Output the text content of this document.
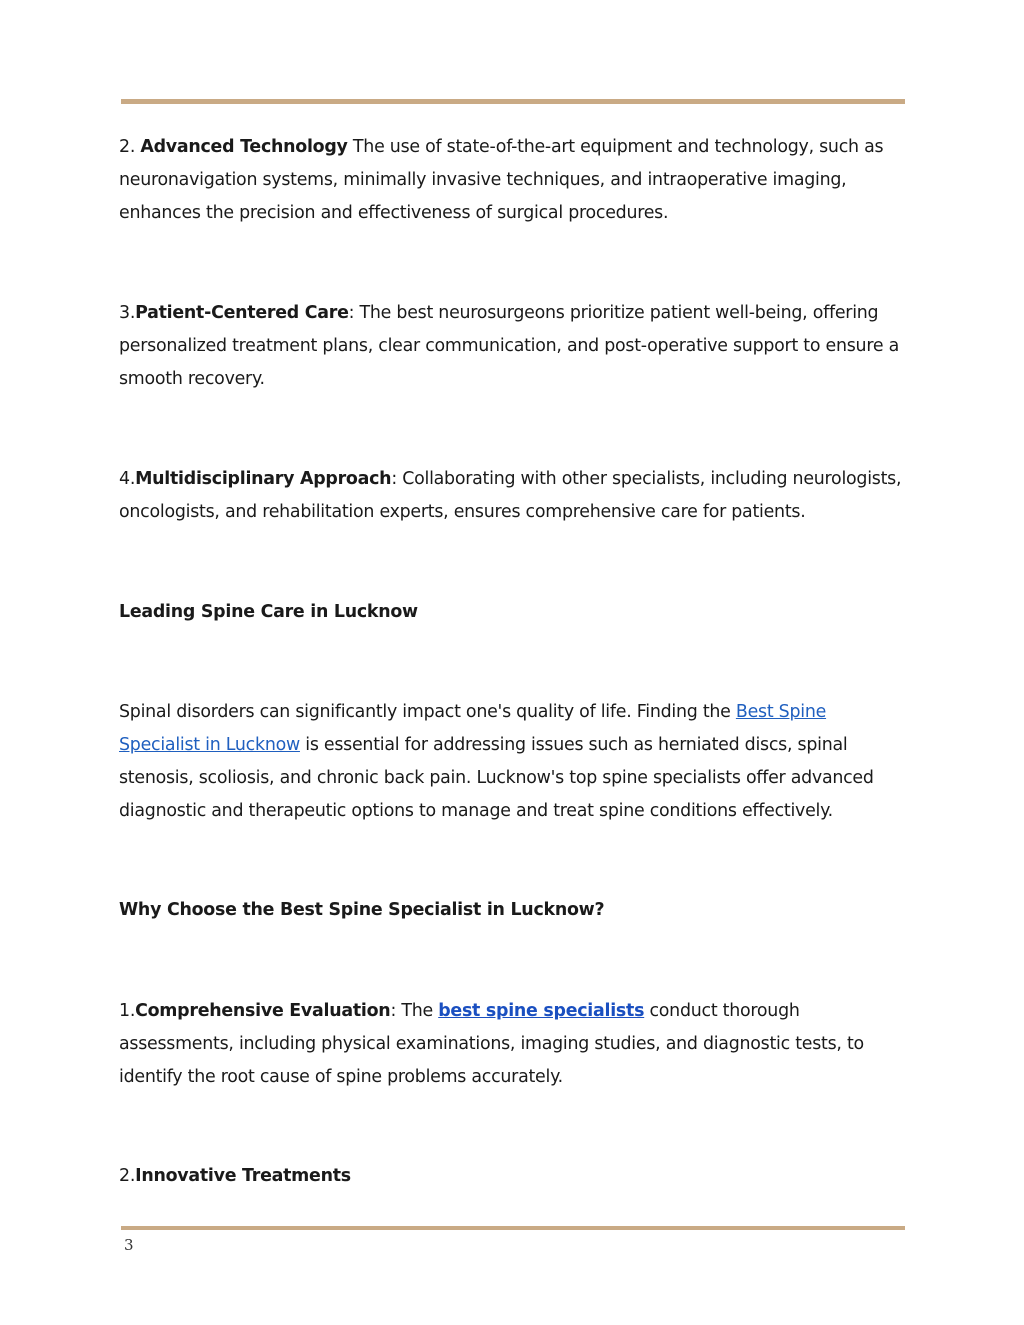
2. Advanced Technology The use of state-of-the-art equipment and technology, such as neuronavigation systems, minimally invasive techniques, and intraoperative imaging, enhances the precision and effectiveness of surgical procedures.

3.Patient-Centered Care: The best neurosurgeons prioritize patient well-being, offering personalized treatment plans, clear communication, and post-operative support to ensure a smooth recovery.

4.Multidisciplinary Approach: Collaborating with other specialists, including neurologists, oncologists, and rehabilitation experts, ensures comprehensive care for patients.

Leading Spine Care in Lucknow

Spinal disorders can significantly impact one's quality of life. Finding the Best Spine Specialist in Lucknow is essential for addressing issues such as herniated discs, spinal stenosis, scoliosis, and chronic back pain. Lucknow's top spine specialists offer advanced diagnostic and therapeutic options to manage and treat spine conditions effectively.

Why Choose the Best Spine Specialist in Lucknow?

1.Comprehensive Evaluation: The best spine specialists conduct thorough assessments, including physical examinations, imaging studies, and diagnostic tests, to identify the root cause of spine problems accurately.

2.Innovative Treatments

3
